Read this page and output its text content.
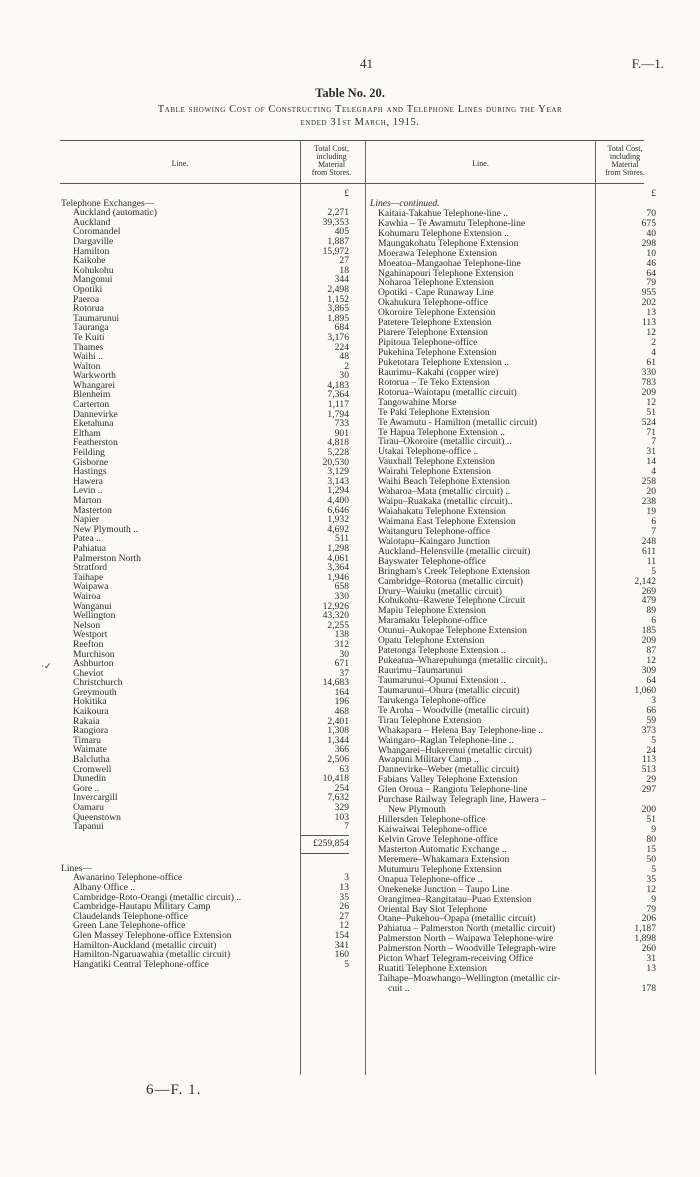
41	F.—1.
Table No. 20.
Table showing Cost of Constructing Telegraph and Telephone Lines during the Year
ended 31st March, 1915.
Line.
Total Cost,
including
Material
from Stores.
Line.
Total Cost,
including
Material
from Stores.
£
Telephone Exchanges—
Auckland (automatic)	2,271
Auckland	39,353
Coromandel	405
Dargaville	1,887
Hamilton	15,972
Kaikohe	27
Kohukohu	18
Mangonui	344
Opotiki	2,498
Paeroa	1,152
Rotorua	3,865
Taumarunui	1,895
Tauranga	684
Te Kuiti	3,176
Thames	224
Waihi ..	48
Walton	2
Warkworth	30
Whangarei	4,183
Blenheim	7,364
Carterton	1,117
Dannevirke	1,794
Eketahuna	733
Eltham	901
Featherston	4,818
Feilding	5,228
Gisborne	20,530
Hastings	3,129
Hawera	3,143
Levin ..	1,294
Marton	4,400
Masterton	6,646
Napier	1,932
New Plymouth ..	4,692
Patea ..	511
Pahiatua	1,298
Palmerston North	4,061
Stratford	3,364
Taihape	1,946
Waipawa	658
Wairoa	330
Wanganui	12,926
Wellington	43,320
Nelson	2,255
Westport	138
Reefton	312
Murchison	30
Ashburton	671
Cheviot	37
Christchurch	14,683
Greymouth	164
Hokitika	196
Kaikoura	468
Rakaia	2,401
Rangiora	1,308
Timaru	1,344
Waimate	366
Balclutha	2,506
Cromwell	63
Dunedin	10,418
Gore ..	254
Invercargill	7,632
Oamaru	329
Queenstown	103
Tapanui	7
£259,854
Lines—
Awanarino Telephone-office	3
Albany Office ..	13
Cambridge-Roto-Orangi (metallic circuit) ..	35
Cambridge-Hautapu Military Camp	26
Claudelands Telephone-office	27
Green Lane Telephone-office	12
Glen Massey Telephone-office Extension	154
Hamilton-Auckland (metallic circuit)	341
Hamilton-Ngaruawahia (metallic circuit)	160
Hangatiki Central Telephone-office	5
£
Lines—continued.
Kaitaia-Takahue Telephone-line ..	70
Kawhia – Te Awamutu Telephone-line	675
Kohumaru Telephone Extension ..	40
Maungakohatu Telephone Extension	298
Moerawa Telephone Extension	10
Moeatoa–Mangaohae Telephone-line	46
Ngahinapouri Telephone Extension	64
Noharoa Telephone Extension	79
Opotiki - Cape Runaway Line	955
Okahukura Telephone-office	202
Okoroire Telephone Extension	13
Patetere Telephone Extension	113
Piarere Telephone Extension	12
Pipitoua Telephone-office	2
Pukehina Telephone Extension	4
Puketotara Telephone Extension ..	61
Raurimu–Kakahi (copper wire)	330
Rotorua – Te Teko Extension	783
Rotorua–Waiotapu (metallic circuit)	209
Tangowahine Morse	12
Te Paki Telephone Extension	51
Te Awamutu - Hamilton (metallic circuit)	524
Te Hapua Telephone Extension ..	71
Tirau–Okoroire (metallic circuit) ..	7
Utakai Telephone-office ..	31
Vauxhall Telephone Extension	14
Wairahi Telephone Extension	4
Waihi Beach Telephone Extension	258
Waharoa–Mata (metallic circuit) ..	20
Waipu–Ruakaka (metallic circuit)..	238
Waiahakatu Telephone Extension	19
Waimana East Telephone Extension	6
Waitanguru Telephone-office	7
Waiotapu–Kaingaro Junction	248
Auckland–Helensville (metallic circuit)	611
Bayswater Telephone-office	11
Bringham's Creek Telephone Extension	5
Cambridge–Rotorua (metallic circuit)	2,142
Drury–Waiuku (metallic circuit)	269
Kohukohu–Rawene Telephone Circuit	479
Mapiu Telephone Extension	89
Maramaku Telephone-office	6
Otunui–Aukopae Telephone Extension	185
Opatu Telephone Extension	209
Patetonga Telephone Extension ..	87
Pukeatua–Wharepuhunga (metallic circuit)..	12
Raurimu–Taumarunui	309
Taumarunui–Opunui Extension ..	64
Taumarunui–Ohura (metallic circuit)	1,060
Tarukenga Telephone-office	3
Te Aroha – Woodville (metallic circuit)	66
Tirau Telephone Extension	59
Whakapara – Helena Bay Telephone-line ..	373
Waingaro–Raglan Telephone-line ..	5
Whangarei–Hukerenui (metallic circuit)	24
Awapuni Military Camp ..	113
Dannevirke–Weber (metallic circuit)	513
Fabians Valley Telephone Extension	29
Glen Oroua – Rangiotu Telephone-line	297
Purchase Railway Telegraph line, Hawera –
New Plymouth	200
Hillersden Telephone-office	51
Kaiwaiwai Telephone-office	9
Kelvin Grove Telephone-office	80
Masterton Automatic Exchange ..	15
Meremere–Whakamara Extension	50
Mutumuru Telephone Extension	5
Onapua Telephone-office ..	35
Onekeneke Junction – Taupo Line	12
Orangimea–Rangitatau–Puao Extension	9
Oriental Bay Slot Telephone	79
Otane–Pukehou–Opapa (metallic circuit)	206
Pahiatua – Palmerston North (metallic circuit)	1,187
Palmerston North – Waipawa Telephone-wire	1,898
Palmerston North – Woodville Telegraph-wire	260
Picton Wharf Telegram-receiving Office	31
Ruatiti Telephone Extension	13
Taihape–Moawhango–Wellington (metallic cir-
cuit ..	178
·✓
6—F. 1.
